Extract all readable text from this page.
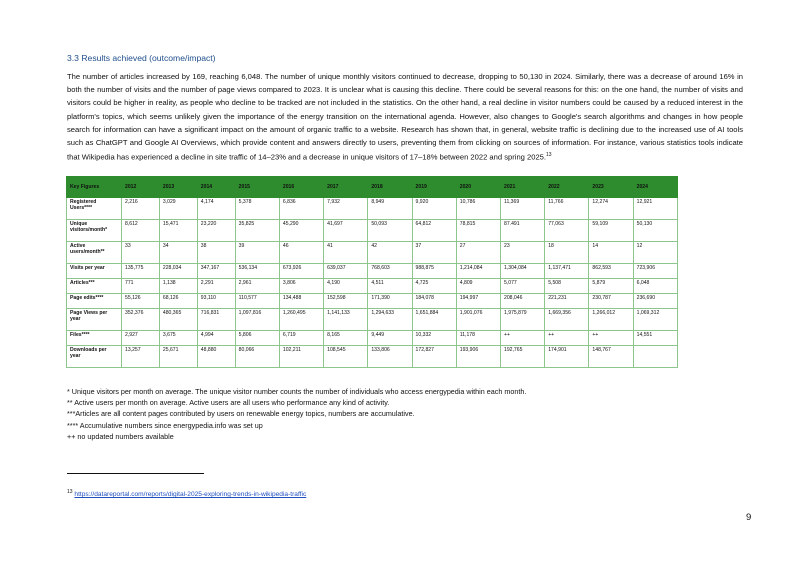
3.3 Results achieved (outcome/impact)
The number of articles increased by 169, reaching 6,048. The number of unique monthly visitors continued to decrease, dropping to 50,130 in 2024. Similarly, there was a decrease of around 16% in both the number of visits and the number of page views compared to 2023. It is unclear what is causing this decline. There could be several reasons for this: on the one hand, the number of visits and visitors could be higher in reality, as people who decline to be tracked are not included in the statistics. On the other hand, a real decline in visitor numbers could be caused by a reduced interest in the platform's topics, which seems unlikely given the importance of the energy transition on the international agenda. However, also changes to Google's search algorithms and changes in how people search for information can have a significant impact on the amount of organic traffic to a website. Research has shown that, in general, website traffic is declining due to the increased use of AI tools such as ChatGPT and Google AI Overviews, which provide content and answers directly to users, preventing them from clicking on sources of information. For instance, various statistics tools indicate that Wikipedia has experienced a decline in site traffic of 14–23% and a decrease in unique visitors of 17–18% between 2022 and spring 2025.13
Key Figures	2012	2013	2014	2015	2016	2017	2018	2019	2020	2021	2022	2023	2024
Registered Users****	2,216	3,029	4,174	5,378	6,836	7,932	8,949	9,920	10,786	11,369	11,766	12,274	12,921
Unique visitors/month*	8,612	15,471	23,220	35,825	45,290	41,697	50,093	64,812	78,815	87.491	77,063	59,109	50,130
Active users/month**	33	34	38	39	46	41	42	37	27	23	18	14	12
Visits per year	135,775	228,034	347,167	536,134	673,926	639,037	768,603	988,875	1,214,084	1,304,084	1,137,471	862,593	723,906
Articles***	771	1,138	2,291	2,961	3,806	4,190	4,511	4,725	4,809	5,077	5,508	5,879	6,048
Page edits****	55,126	68,126	93,110	110,577	134,488	152,598	171,390	184,078	194,997	208,046	221,231	230,787	236,690
Page Views per year	352,376	480,365	716,831	1,097,816	1,260,495	1,141,133	1,294,633	1,651,884	1,901,076	1,975,879	1,669,356	1,266,012	1,069,312
Files****	2,927	3,675	4,994	5,806	6,719	8,165	9,449	10,332	11,178	++	++	++	14,551
Downloads per year	13,257	25,671	48,880	80,066	102,211	108,545	133,806	172,827	193,906	192,765	174,901	148,767	
* Unique visitors per month on average. The unique visitor number counts the number of individuals who access energypedia within each month.
** Active users per month on average. Active users are all users who performance any kind of activity.
***Articles are all content pages contributed by users on renewable energy topics, numbers are accumulative.
**** Accumulative numbers since energypedia.info was set up
++ no updated numbers available
$^{13}$ https://datareportal.com/reports/digital-2025-exploring-trends-in-wikipedia-traffic
9
